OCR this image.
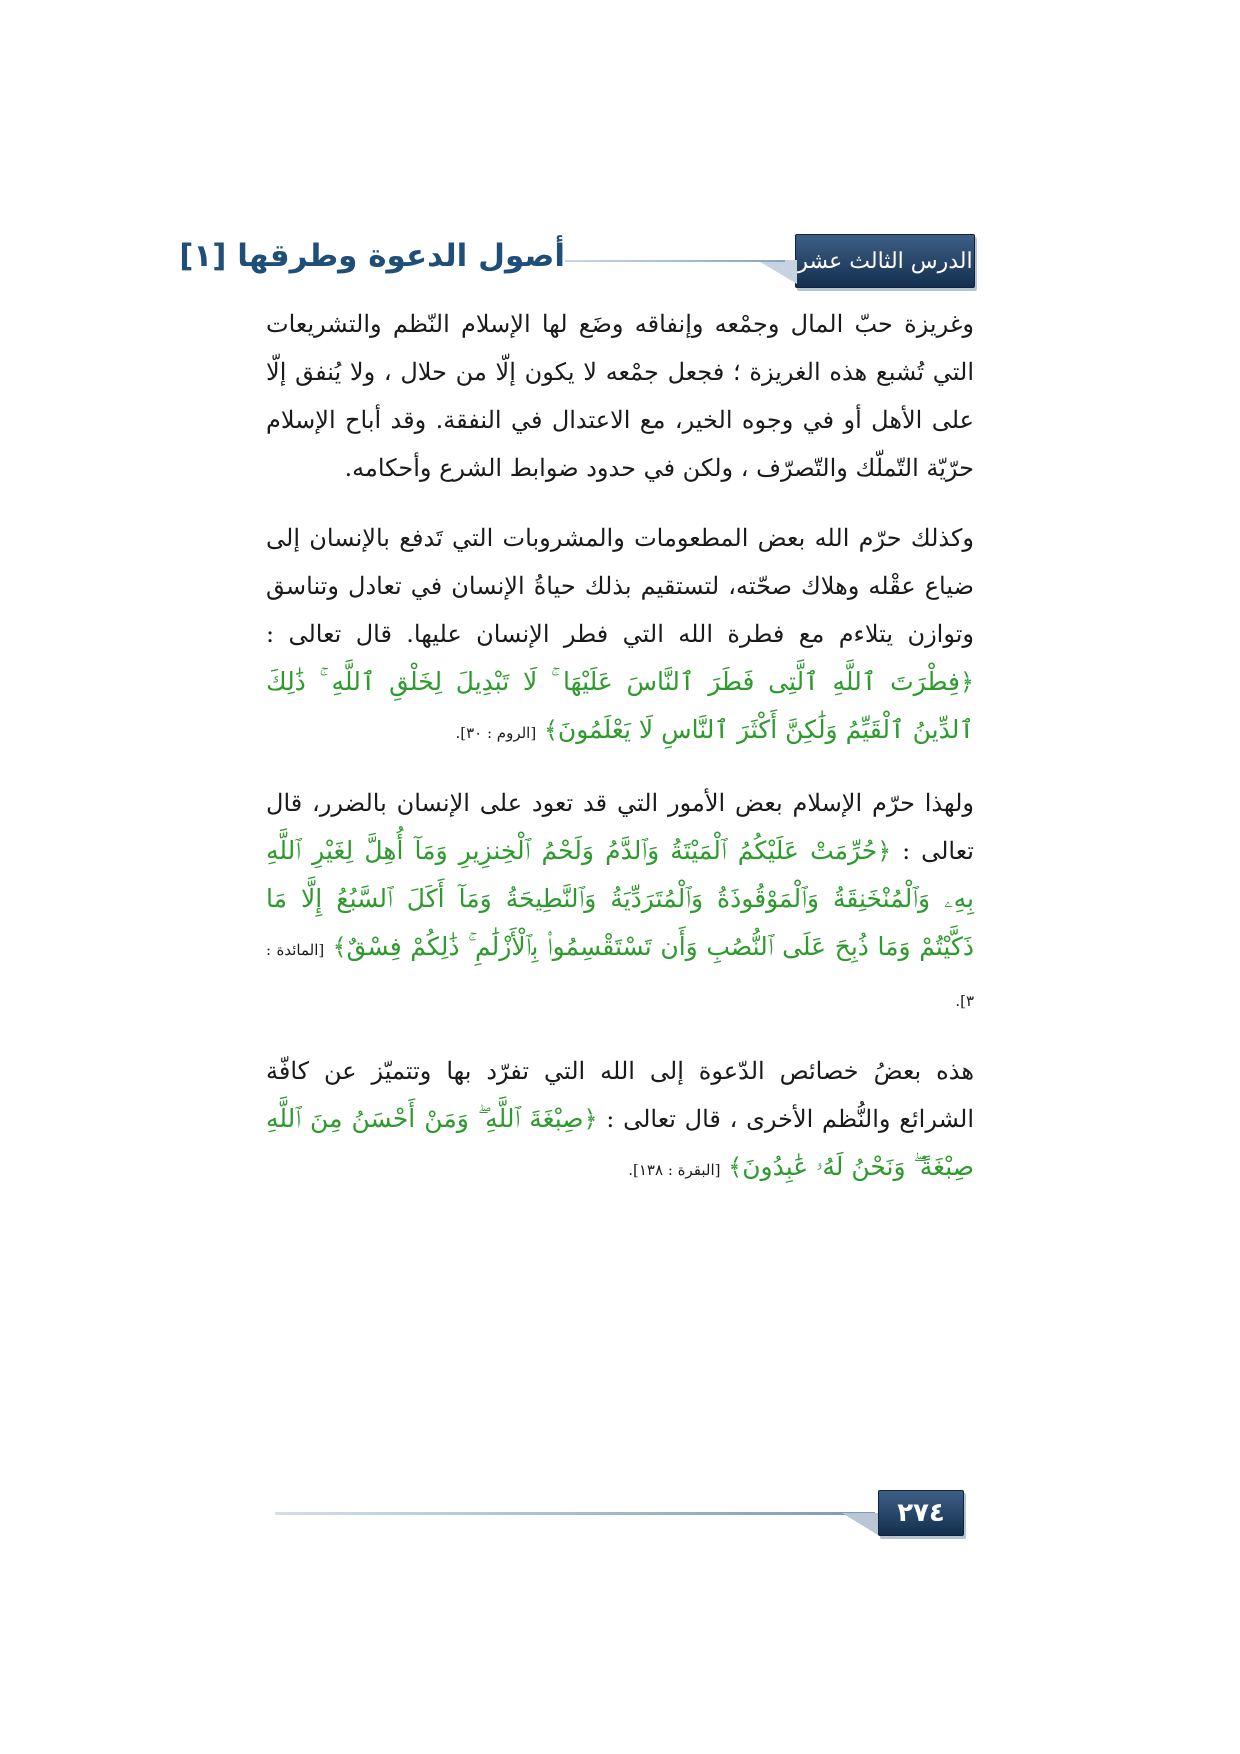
الدرس الثالث عشر
أصول الدعوة وطرقها [١]

وغريزة حبّ المال وجمْعه وإنفاقه وضَع لها الإسلام النّظم والتشريعات التي تُشبع هذه الغريزة ؛ فجعل جمْعه لا يكون إلّا من حلال ، ولا يُنفق إلّا على الأهل أو في وجوه الخير، مع الاعتدال في النفقة. وقد أباح الإسلام حرّيّة التّملّك والتّصرّف ، ولكن في حدود ضوابط الشرع وأحكامه.

وكذلك حرّم الله بعض المطعومات والمشروبات التي تَدفع بالإنسان إلى ضياع عقْله وهلاك صحّته، لتستقيم بذلك حياةُ الإنسان في تعادل وتناسق وتوازن يتلاءم مع فطرة الله التي فطر الإنسان عليها. قال تعالى : ﴿فِطْرَتَ ٱللَّهِ ٱلَّتِى فَطَرَ ٱلنَّاسَ عَلَيْهَا ۚ لَا تَبْدِيلَ لِخَلْقِ ٱللَّهِ ۚ ذَٰلِكَ ٱلدِّينُ ٱلْقَيِّمُ وَلَٰكِنَّ أَكْثَرَ ٱلنَّاسِ لَا يَعْلَمُونَ﴾ [الروم : ٣٠].

ولهذا حرّم الإسلام بعض الأمور التي قد تعود على الإنسان بالضرر، قال تعالى : ﴿حُرِّمَتْ عَلَيْكُمُ ٱلْمَيْتَةُ وَٱلدَّمُ وَلَحْمُ ٱلْخِنزِيرِ وَمَآ أُهِلَّ لِغَيْرِ ٱللَّهِ بِهِۦ وَٱلْمُنْخَنِقَةُ وَٱلْمَوْقُوذَةُ وَٱلْمُتَرَدِّيَةُ وَٱلنَّطِيحَةُ وَمَآ أَكَلَ ٱلسَّبُعُ إِلَّا مَا ذَكَّيْتُمْ وَمَا ذُبِحَ عَلَى ٱلنُّصُبِ وَأَن تَسْتَقْسِمُوا۟ بِٱلْأَزْلَٰمِ ۚ ذَٰلِكُمْ فِسْقٌ﴾ [المائدة : ٣].

هذه بعضُ خصائص الدّعوة إلى الله التي تفرّد بها وتتميّز عن كافّة الشرائع والنُّظم الأخرى ، قال تعالى : ﴿صِبْغَةَ ٱللَّهِ ۖ وَمَنْ أَحْسَنُ مِنَ ٱللَّهِ صِبْغَةً ۖ وَنَحْنُ لَهُۥ عَٰبِدُونَ﴾ [البقرة : ١٣٨].

٢٧٤
